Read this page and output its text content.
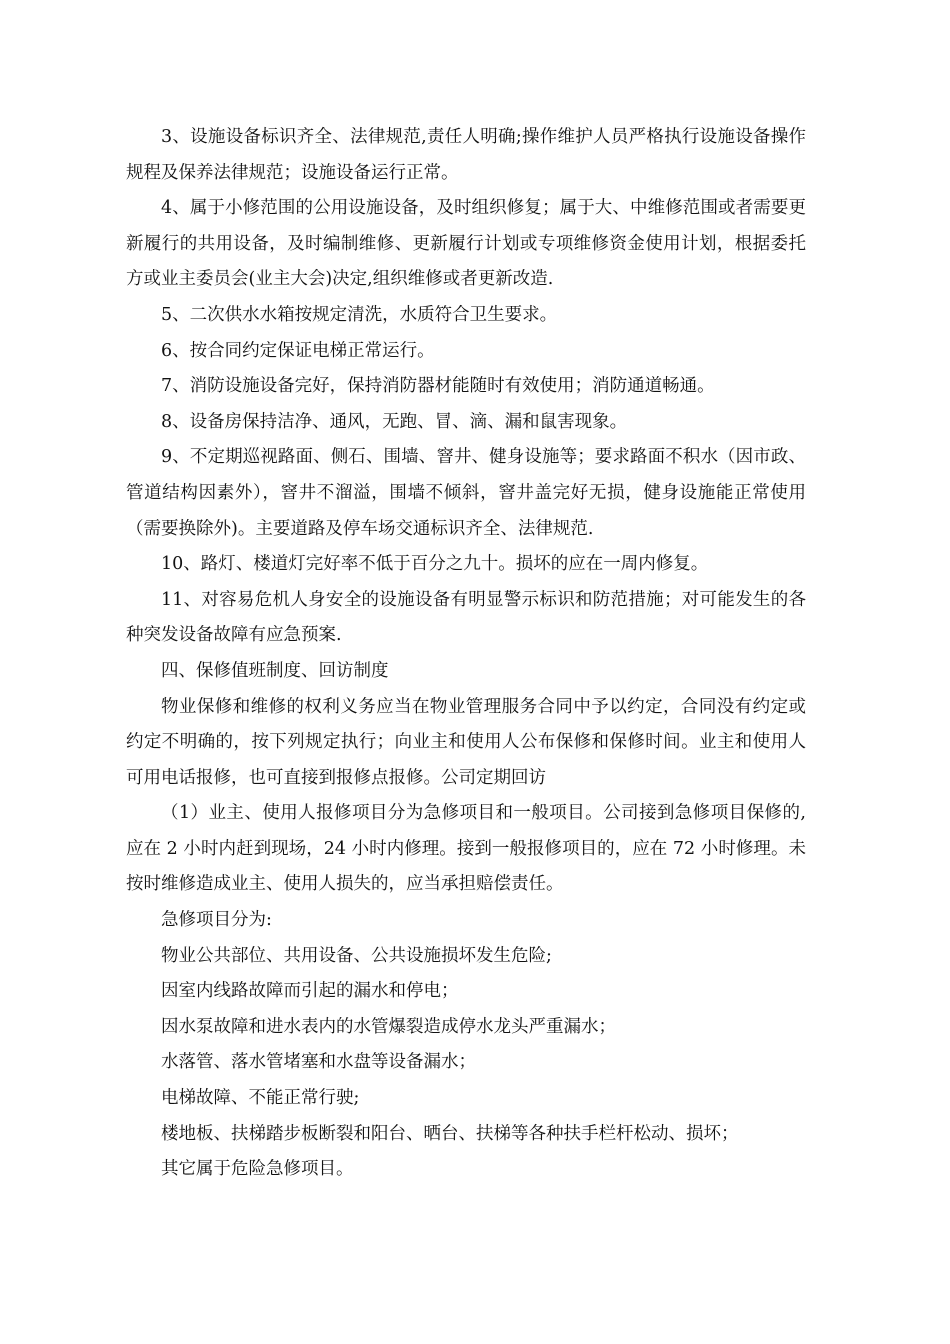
3、设施设备标识齐全、法律规范,责任人明确;操作维护人员严格执行设施设备操作规程及保养法律规范；设施设备运行正常。

4、属于小修范围的公用设施设备，及时组织修复；属于大、中维修范围或者需要更新履行的共用设备，及时编制维修、更新履行计划或专项维修资金使用计划，根据委托方或业主委员会(业主大会)决定,组织维修或者更新改造.

5、二次供水水箱按规定清洗，水质符合卫生要求。

6、按合同约定保证电梯正常运行。

7、消防设施设备完好，保持消防器材能随时有效使用；消防通道畅通。

8、设备房保持洁净、通风，无跑、冒、滴、漏和鼠害现象。

9、不定期巡视路面、侧石、围墙、窨井、健身设施等；要求路面不积水（因市政、管道结构因素外），窨井不溜溢，围墙不倾斜，窨井盖完好无损，健身设施能正常使用（需要换除外)。主要道路及停车场交通标识齐全、法律规范.

10、路灯、楼道灯完好率不低于百分之九十。损坏的应在一周内修复。

11、对容易危机人身安全的设施设备有明显警示标识和防范措施；对可能发生的各种突发设备故障有应急预案.

四、保修值班制度、回访制度

物业保修和维修的权利义务应当在物业管理服务合同中予以约定，合同没有约定或约定不明确的，按下列规定执行；向业主和使用人公布保修和保修时间。业主和使用人可用电话报修，也可直接到报修点报修。公司定期回访

（1）业主、使用人报修项目分为急修项目和一般项目。公司接到急修项目保修的,应在 2 小时内赶到现场，24 小时内修理。接到一般报修项目的，应在 72 小时修理。未按时维修造成业主、使用人损失的，应当承担赔偿责任。

急修项目分为:

物业公共部位、共用设备、公共设施损坏发生危险;

因室内线路故障而引起的漏水和停电；

因水泵故障和进水表内的水管爆裂造成停水龙头严重漏水；

水落管、落水管堵塞和水盘等设备漏水；

电梯故障、不能正常行驶;

楼地板、扶梯踏步板断裂和阳台、晒台、扶梯等各种扶手栏杆松动、损坏；

其它属于危险急修项目。
